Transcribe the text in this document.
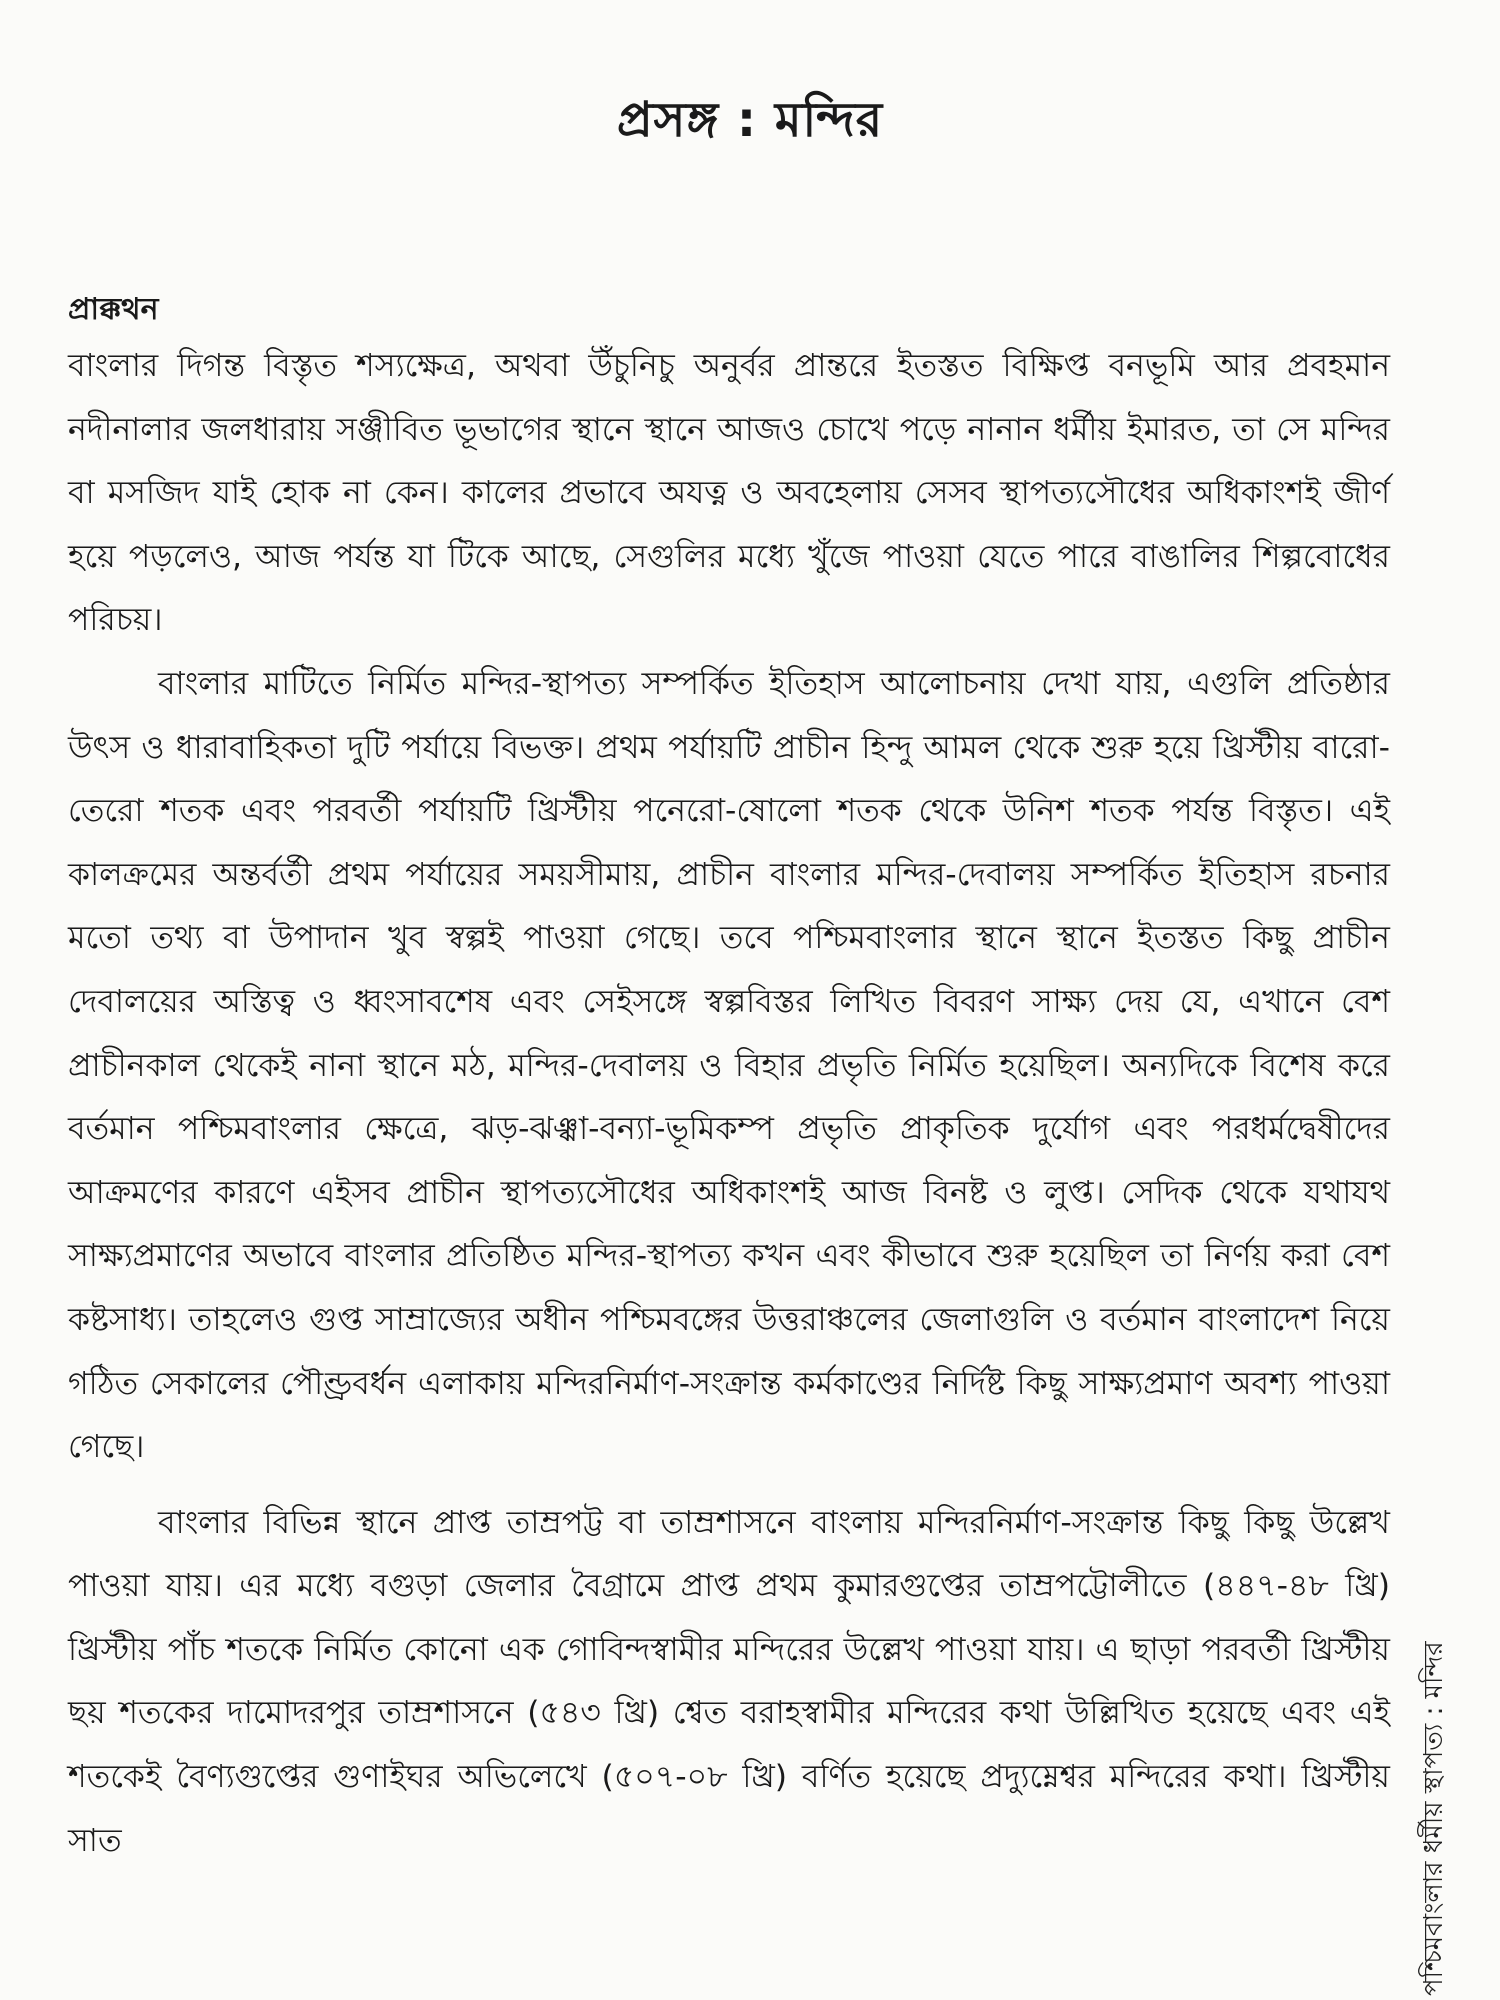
প্রসঙ্গ : মন্দির
প্রাক্কথন

বাংলার দিগন্ত বিস্তৃত শস্যক্ষেত্র, অথবা উঁচুনিচু অনুর্বর প্রান্তরে ইতস্তত বিক্ষিপ্ত বনভূমি আর প্রবহমান নদীনালার জলধারায় সঞ্জীবিত ভূভাগের স্থানে স্থানে আজও চোখে পড়ে নানান ধর্মীয় ইমারত, তা সে মন্দির বা মসজিদ যাই হোক না কেন। কালের প্রভাবে অযত্ন ও অবহেলায় সেসব স্থাপত্যসৌধের অধিকাংশই জীর্ণ হয়ে পড়লেও, আজ পর্যন্ত যা টিকে আছে, সেগুলির মধ্যে খুঁজে পাওয়া যেতে পারে বাঙালির শিল্পবোধের পরিচয়।

বাংলার মাটিতে নির্মিত মন্দির-স্থাপত্য সম্পর্কিত ইতিহাস আলোচনায় দেখা যায়, এগুলি প্রতিষ্ঠার উৎস ও ধারাবাহিকতা দুটি পর্যায়ে বিভক্ত। প্রথম পর্যায়টি প্রাচীন হিন্দু আমল থেকে শুরু হয়ে খ্রিস্টীয় বারো-তেরো শতক এবং পরবর্তী পর্যায়টি খ্রিস্টীয় পনেরো-ষোলো শতক থেকে উনিশ শতক পর্যন্ত বিস্তৃত। এই কালক্রমের অন্তর্বর্তী প্রথম পর্যায়ের সময়সীমায়, প্রাচীন বাংলার মন্দির-দেবালয় সম্পর্কিত ইতিহাস রচনার মতো তথ্য বা উপাদান খুব স্বল্পই পাওয়া গেছে। তবে পশ্চিমবাংলার স্থানে স্থানে ইতস্তত কিছু প্রাচীন দেবালয়ের অস্তিত্ব ও ধ্বংসাবশেষ এবং সেইসঙ্গে স্বল্পবিস্তর লিখিত বিবরণ সাক্ষ্য দেয় যে, এখানে বেশ প্রাচীনকাল থেকেই নানা স্থানে মঠ, মন্দির-দেবালয় ও বিহার প্রভৃতি নির্মিত হয়েছিল। অন্যদিকে বিশেষ করে বর্তমান পশ্চিমবাংলার ক্ষেত্রে, ঝড়-ঝঞ্ঝা-বন্যা-ভূমিকম্প প্রভৃতি প্রাকৃতিক দুর্যোগ এবং পরধর্মদ্বেষীদের আক্রমণের কারণে এইসব প্রাচীন স্থাপত্যসৌধের অধিকাংশই আজ বিনষ্ট ও লুপ্ত। সেদিক থেকে যথাযথ সাক্ষ্যপ্রমাণের অভাবে বাংলার প্রতিষ্ঠিত মন্দির-স্থাপত্য কখন এবং কীভাবে শুরু হয়েছিল তা নির্ণয় করা বেশ কষ্টসাধ্য। তাহলেও গুপ্ত সাম্রাজ্যের অধীন পশ্চিমবঙ্গের উত্তরাঞ্চলের জেলাগুলি ও বর্তমান বাংলাদেশ নিয়ে গঠিত সেকালের পৌণ্ড্রবর্ধন এলাকায় মন্দিরনির্মাণ-সংক্রান্ত কর্মকাণ্ডের নির্দিষ্ট কিছু সাক্ষ্যপ্রমাণ অবশ্য পাওয়া গেছে।

বাংলার বিভিন্ন স্থানে প্রাপ্ত তাম্রপট্ট বা তাম্রশাসনে বাংলায় মন্দিরনির্মাণ-সংক্রান্ত কিছু কিছু উল্লেখ পাওয়া যায়। এর মধ্যে বগুড়া জেলার বৈগ্রামে প্রাপ্ত প্রথম কুমারগুপ্তের তাম্রপট্টোলীতে (৪৪৭-৪৮ খ্রি) খ্রিস্টীয় পাঁচ শতকে নির্মিত কোনো এক গোবিন্দস্বামীর মন্দিরের উল্লেখ পাওয়া যায়। এ ছাড়া পরবর্তী খ্রিস্টীয় ছয় শতকের দামোদরপুর তাম্রশাসনে (৫৪৩ খ্রি) শ্বেত বরাহস্বামীর মন্দিরের কথা উল্লিখিত হয়েছে এবং এই শতকেই বৈণ্যগুপ্তের গুণাইঘর অভিলেখে (৫০৭-০৮ খ্রি) বর্ণিত হয়েছে প্রদ্যুম্নেশ্বর মন্দিরের কথা। খ্রিস্টীয় সাত	পশ্চিমবাংলার ধর্মীয় স্থাপত্য : মন্দির
